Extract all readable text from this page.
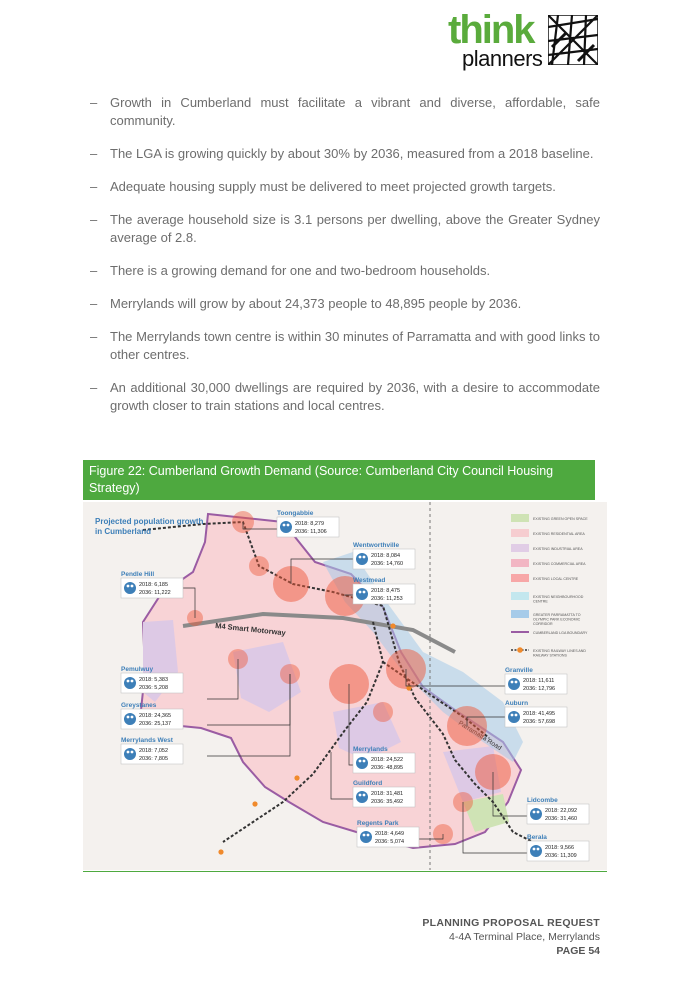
think
planners
– Growth in Cumberland must facilitate a vibrant and diverse, affordable, safe community.
– The LGA is growing quickly by about 30% by 2036, measured from a 2018 baseline.
– Adequate housing supply must be delivered to meet projected growth targets.
– The average household size is 3.1 persons per dwelling, above the Greater Sydney average of 2.8.
– There is a growing demand for one and two-bedroom households.
– Merrylands will grow by about 24,373 people to 48,895 people by 2036.
– The Merrylands town centre is within 30 minutes of Parramatta and with good links to other centres.
– An additional 30,000 dwellings are required by 2036, with a desire to accommodate growth closer to train stations and local centres.
Figure 22: Cumberland Growth Demand (Source: Cumberland City Council Housing Strategy)
M4 Smart Motorway
Road
Projected population growth in Cumberland
EXISTING GREEN OPEN SPACE
EXISTING RESIDENTIAL AREA
EXISTING INDUSTRIAL AREA
EXISTING COMMERCIAL AREA
EXISTING LOCAL CENTRE
EXISTING NEIGHBOURHOOD CENTRE
GREATER PARRAMATTA TO OLYMPIC PARK ECONOMIC CORRIDOR
CUMBERLAND LGA BOUNDARY
EXISTING RAILWAY LINES AND RAILWAY STATIONS
Toongabbie
2018: 8,279
2036: 11,306
Wentworthville
2018: 8,084
2036: 14,760
Pendle Hill
2018: 6,185
2036: 11,222
Westmead
2018: 8,475
2036: 11,253
Pemulwuy
2018: 5,383
2036: 5,208
Greystanes
2018: 24,365
2036: 25,137
Merrylands West
2018: 7,052
2036: 7,805
Granville
2018: 11,611
2036: 12,796
Auburn
2018: 41,495
2036: 57,698
Merrylands
2018: 24,522
2036: 48,895
Guildford
2018: 31,481
2036: 35,492	Lidcombe
2018: 22,092
2036: 31,460
Regents Park
2018: 4,649
2036: 5,074
Berala
2018: 9,566
2036: 11,309
PLANNING PROPOSAL REQUEST
4-4A Terminal Place, Merrylands
PAGE 54
